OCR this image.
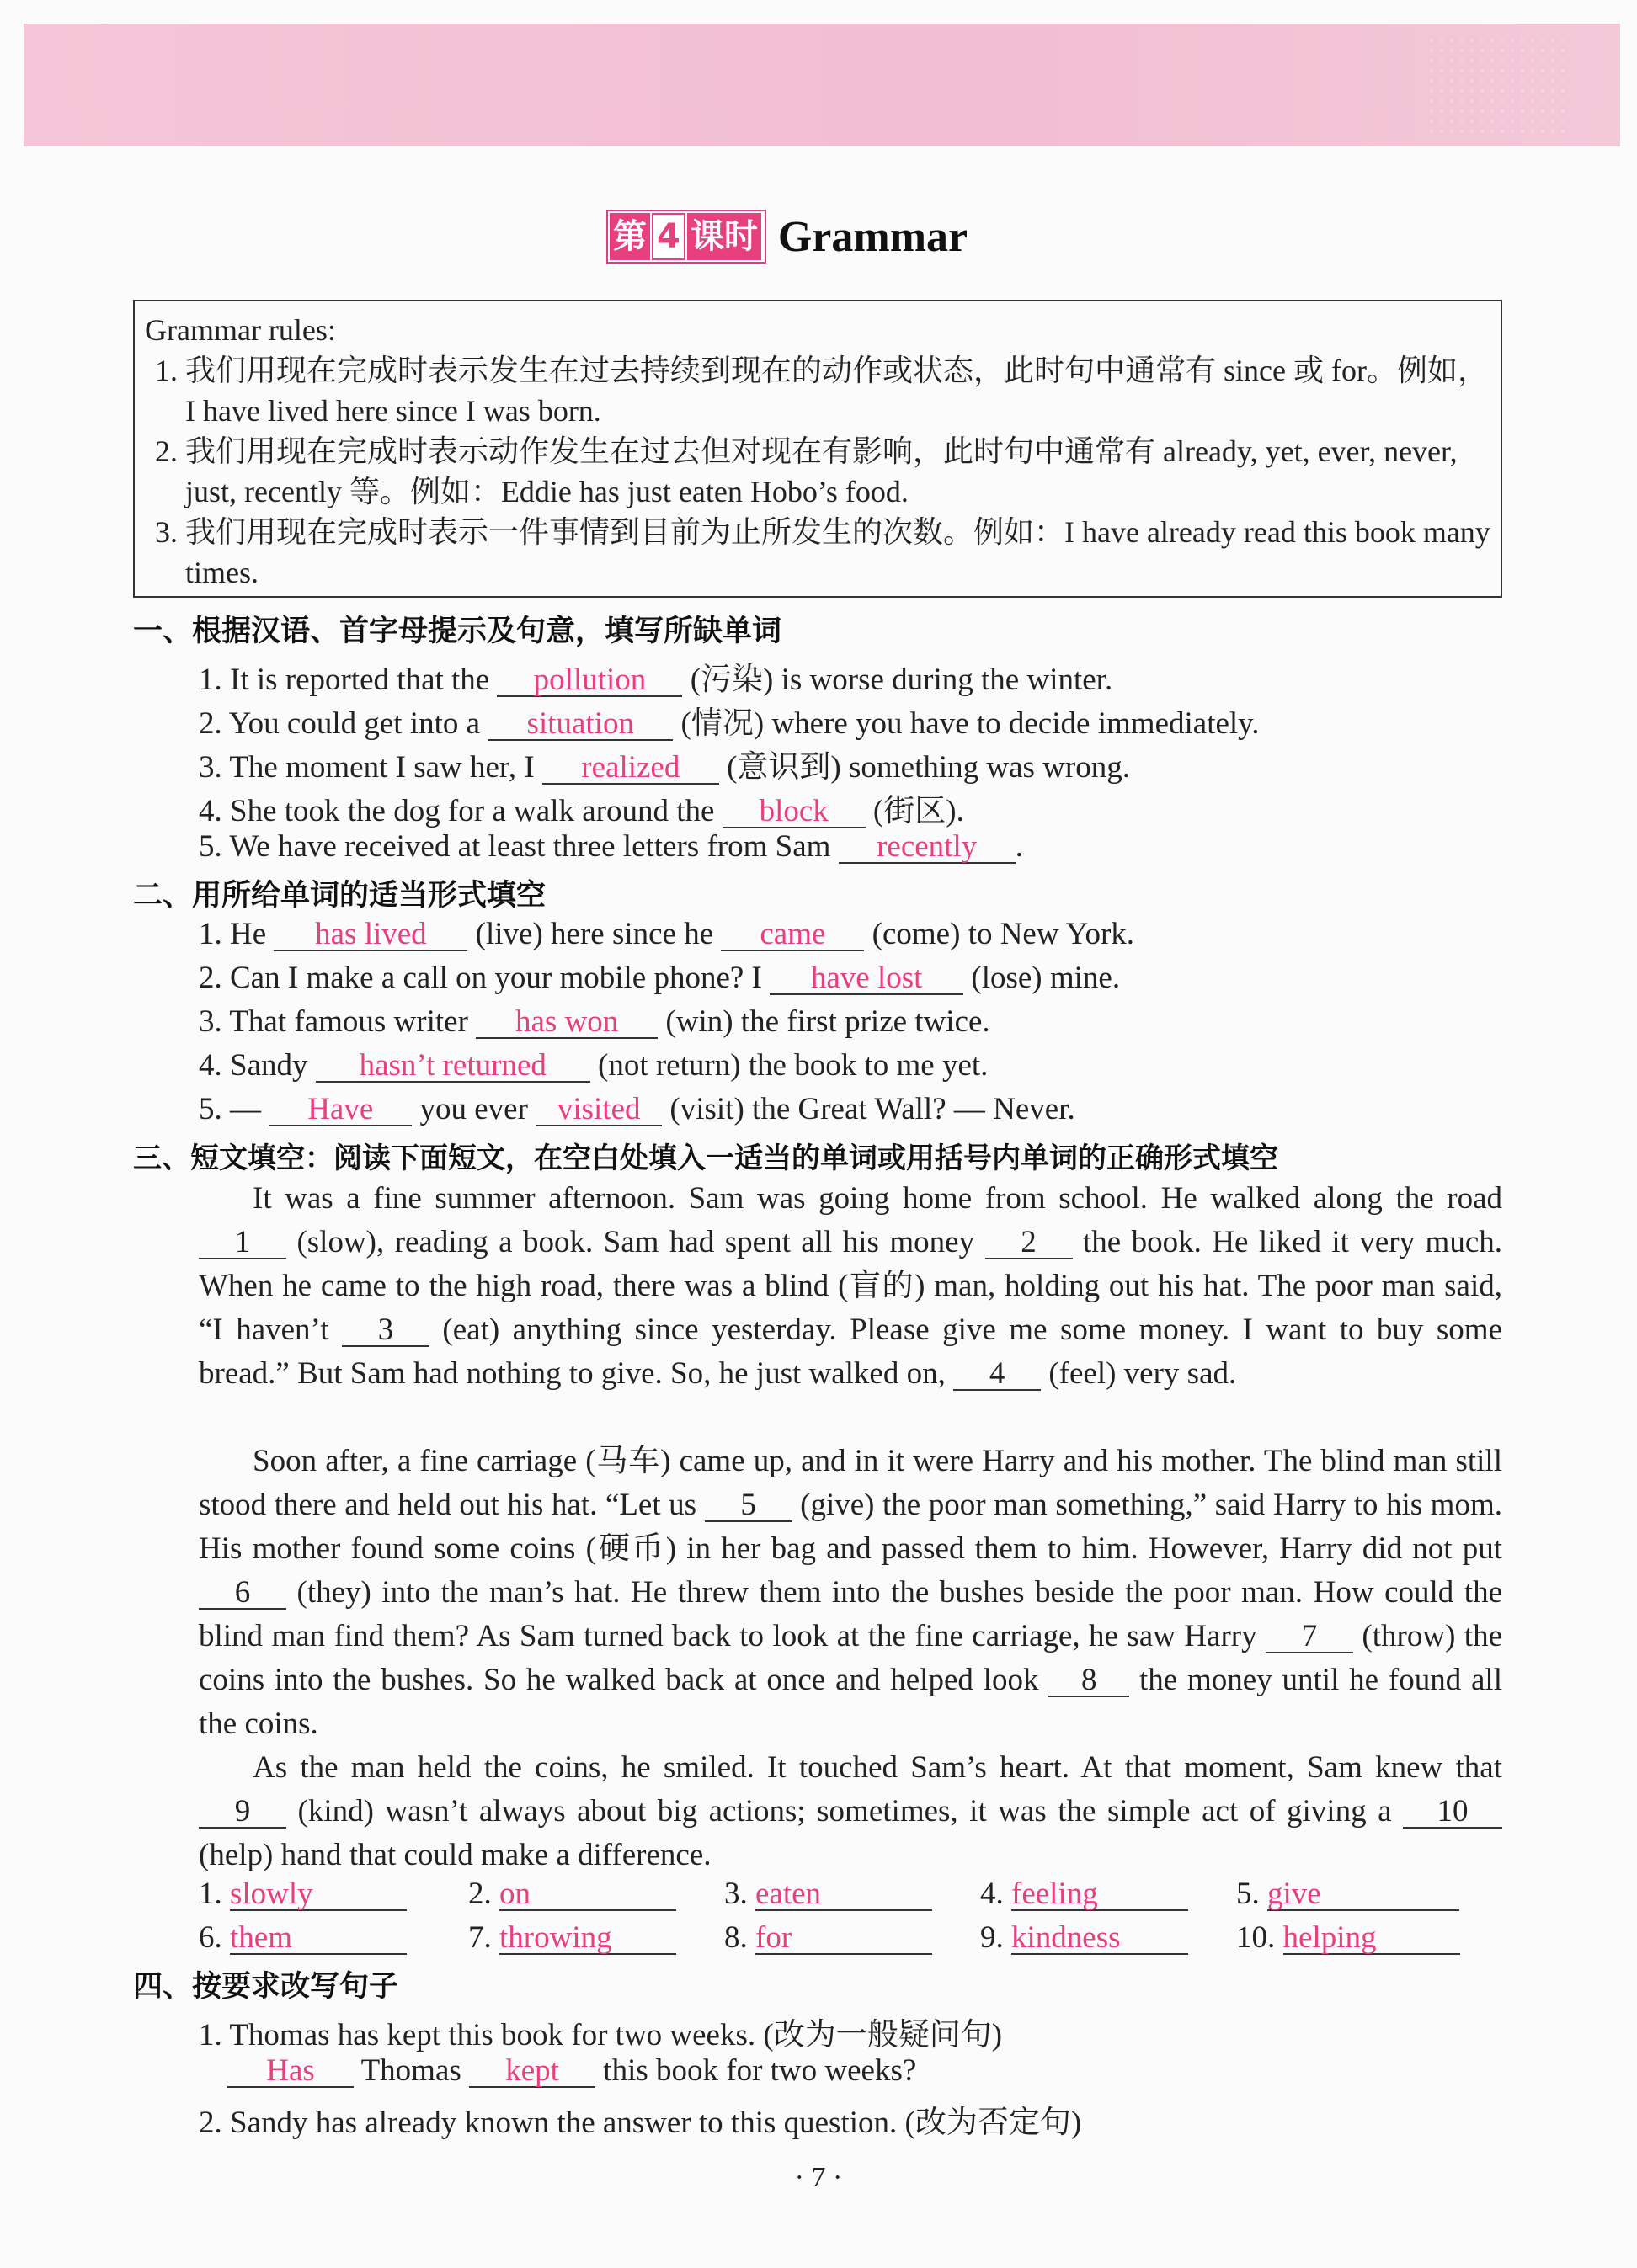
第 4 课时 Grammar

Grammar rules:

1. 我们用现在完成时表示发生在过去持续到现在的动作或状态，此时句中通常有 since 或 for。例如，I have lived here since I was born.

2. 我们用现在完成时表示动作发生在过去但对现在有影响，此时句中通常有 already, yet, ever, never, just, recently 等。例如：Eddie has just eaten Hobo’s food.

3. 我们用现在完成时表示一件事情到目前为止所发生的次数。例如：I have already read this book many times.

一、根据汉语、首字母提示及句意，填写所缺单词
1. It is reported that the pollution (污染) is worse during the winter.
2. You could get into a situation (情况) where you have to decide immediately.
3. The moment I saw her, I realized (意识到) something was wrong.
4. She took the dog for a walk around the block (街区).
5. We have received at least three letters from Sam recently .
二、用所给单词的适当形式填空
1. He has lived (live) here since he came (come) to New York.
2. Can I make a call on your mobile phone? I have lost (lose) mine.
3. That famous writer has won (win) the first prize twice.
4. Sandy hasn’t returned (not return) the book to me yet.
5. — Have you ever visited (visit) the Great Wall? — Never.
三、短文填空：阅读下面短文，在空白处填入一适当的单词或用括号内单词的正确形式填空
It was a fine summer afternoon. Sam was going home from school. He walked along the road 1 (slow), reading a book. Sam had spent all his money 2 the book. He liked it very much. When he came to the high road, there was a blind (盲的) man, holding out his hat. The poor man said, “I haven’t 3 (eat) anything since yesterday. Please give me some money. I want to buy some bread.” But Sam had nothing to give. So, he just walked on, 4 (feel) very sad.
Soon after, a fine carriage (马车) came up, and in it were Harry and his mother. The blind man still stood there and held out his hat. “Let us 5 (give) the poor man something,” said Harry to his mom. His mother found some coins (硬币) in her bag and passed them to him. However, Harry did not put 6 (they) into the man’s hat. He threw them into the bushes beside the poor man. How could the blind man find them? As Sam turned back to look at the fine carriage, he saw Harry 7 (throw) the coins into the bushes. So he walked back at once and helped look 8 the money until he found all the coins.
As the man held the coins, he smiled. It touched Sam’s heart. At that moment, Sam knew that 9 (kind) wasn’t always about big actions; sometimes, it was the simple act of giving a 10 (help) hand that could make a difference.
1. slowly	2. on	3. eaten	4. feeling	5. give
6. them	7. throwing	8. for	9. kindness	10. helping
四、按要求改写句子
1. Thomas has kept this book for two weeks. (改为一般疑问句)
Has Thomas kept this book for two weeks?
2. Sandy has already known the answer to this question. (改为否定句)
· 7 ·
